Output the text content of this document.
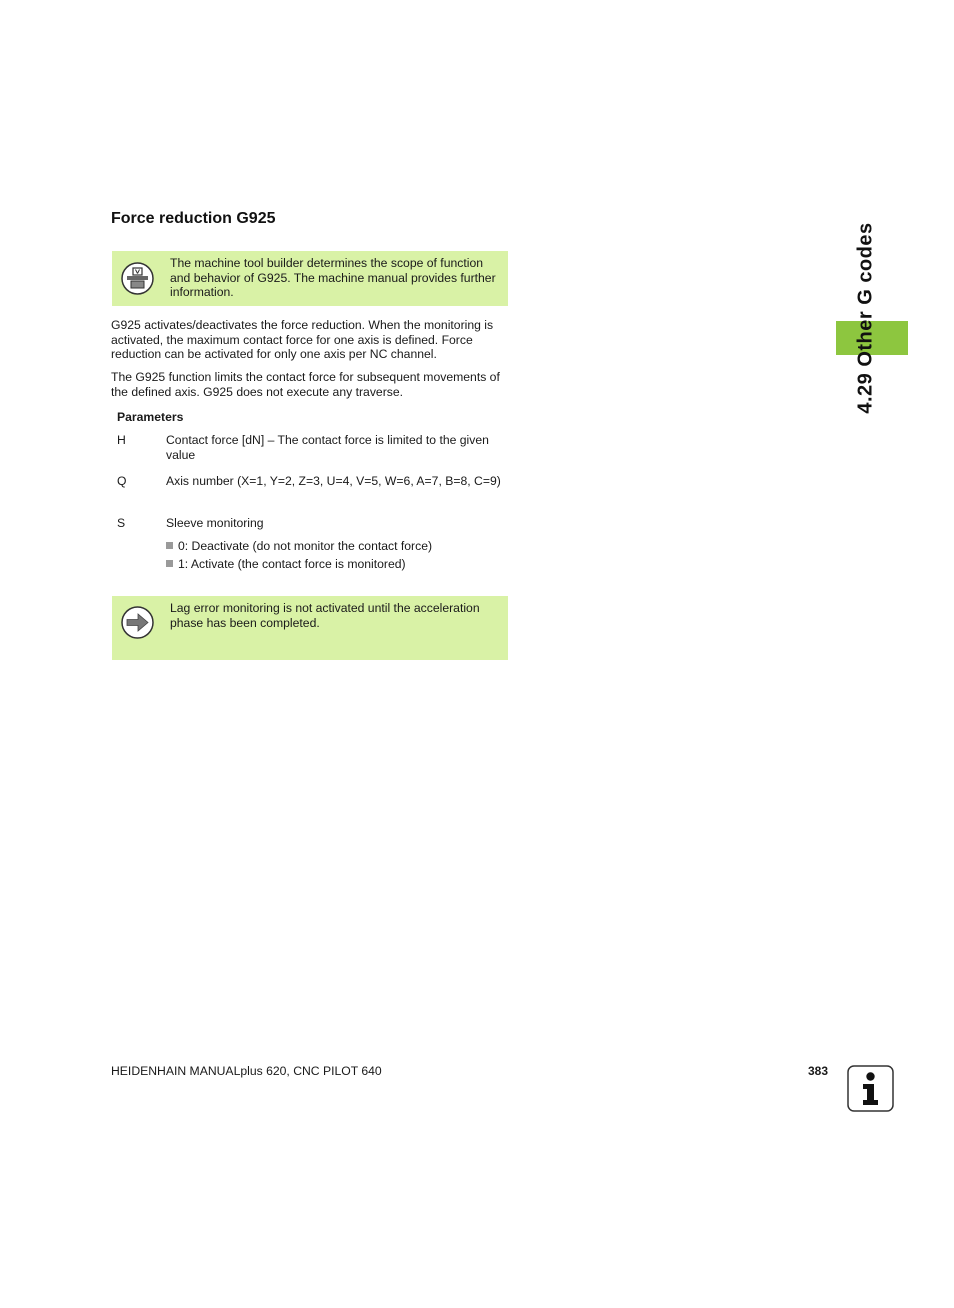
Force reduction G925
The machine tool builder determines the scope of function and behavior of G925. The machine manual provides further information.

G925 activates/deactivates the force reduction. When the monitoring is activated, the maximum contact force for one axis is defined. Force reduction can be activated for only one axis per NC channel.

The G925 function limits the contact force for subsequent movements of the defined axis. G925 does not execute any traverse.

Parameters
H	Contact force [dN] – The contact force is limited to the given value
Q	Axis number (X=1, Y=2, Z=3, U=4, V=5, W=6, A=7, B=8, C=9)
S	Sleeve monitoring
0: Deactivate (do not monitor the contact force)
1: Activate (the contact force is monitored)
Lag error monitoring is not activated until the acceleration phase has been completed.
4.29 Other G codes
HEIDENHAIN MANUALplus 620, CNC PILOT 640	383
